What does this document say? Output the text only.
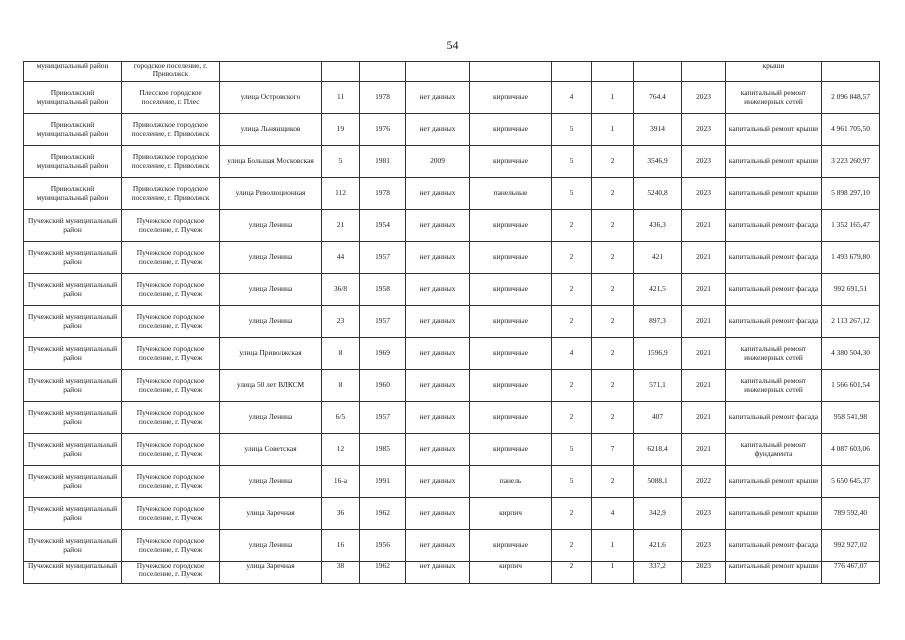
54
муниципальный район	городское поселение, г. Приволжск										крыши	
Приволжский муниципальный район	Плесское городское поселение, г. Плес	улица Островского	11	1978	нет данных	кирпичные	4	1	764.4	2023	капитальный ремонт инженерных сетей	2 096 848,57
Приволжский муниципальный район	Приволжское городское поселение, г. Приволжск	улица Льнянщиков	19	1976	нет данных	кирпичные	5	1	3914	2023	капитальный ремонт крыши	4 961 705,50
Приволжский муниципальный район	Приволжское городское поселение, г. Приволжск	улица Большая Московская	5	1981	2009	кирпичные	5	2	3546,9	2023	капитальный ремонт крыши	3 223 260,97
Приволжский муниципальный район	Приволжское городское поселение, г. Приволжск	улица Революционная	112	1978	нет данных	панельные	5	2	5240,8	2023	капитальный ремонт крыши	5 898 297,10
Пучежский муниципальный район	Пучежское городское поселение, г. Пучеж	улица Ленина	21	1954	нет данных	кирпичные	2	2	436,3	2021	капитальный ремонт фасада	1 352 165,47
Пучежский муниципальный район	Пучежское городское поселение, г. Пучеж	улица Ленина	44	1957	нет данных	кирпичные	2	2	421	2021	капитальный ремонт фасада	1 493 679,80
Пучежский муниципальный район	Пучежское городское поселение, г. Пучеж	улица Ленина	36/8	1958	нет данных	кирпичные	2	2	421,5	2021	капитальный ремонт фасада	992 691,51
Пучежский муниципальный район	Пучежское городское поселение, г. Пучеж	улица Ленина	23	1957	нет данных	кирпичные	2	2	897,3	2021	капитальный ремонт фасада	2 113 267,12
Пучежский муниципальный район	Пучежское городское поселение, г. Пучеж	улица Приволжская	8	1969	нет данных	кирпичные	4	2	1596,9	2021	капитальный ремонт инженерных сетей	4 380 504,30
Пучежский муниципальный район	Пучежское городское поселение, г. Пучеж	улица 50 лет ВЛКСМ	8	1960	нет данных	кирпичные	2	2	571,1	2021	капитальный ремонт инженерных сетей	1 566 601,54
Пучежский муниципальный район	Пучежское городское поселение, г. Пучеж	улица Ленина	6/5	1957	нет данных	кирпичные	2	2	407	2021	капитальный ремонт фасада	958 541,98
Пучежский муниципальный район	Пучежское городское поселение, г. Пучеж	улица Советская	12	1985	нет данных	кирпичные	5	7	6218,4	2021	капитальный ремонт фундамента	4 087 603,06
Пучежский муниципальный район	Пучежское городское поселение, г. Пучеж	улица Ленина	16-а	1991	нет данных	панель	5	2	5088,1	2022	капитальный ремонт крыши	5 650 645,37
Пучежский муниципальный район	Пучежское городское поселение, г. Пучеж	улица Заречная	36	1962	нет данных	кирпич	2	4	342,9	2023	капитальный ремонт крыши	789 592,40
Пучежский муниципальный район	Пучежское городское поселение, г. Пучеж	улица Ленина	16	1956	нет данных	кирпичные	2	1	421,6	2023	капитальный ремонт фасада	992 927,02
Пучежский муниципальный	Пучежское городское поселение, г. Пучеж	улица Заречная	38	1962	нет данных	кирпич	2	1	337,2	2023	капитальный ремонт крыши	776 467,07
